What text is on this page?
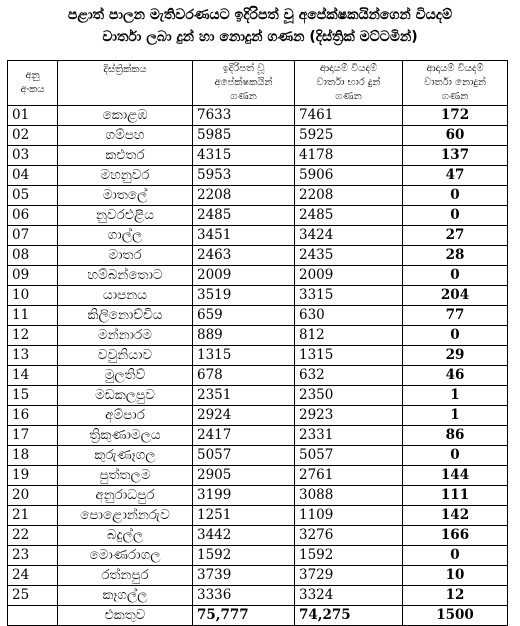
පළාත් පාලන මැතිවරණයට ඉදිරිපත් වූ අපේක්ෂකයින්ගෙන් වියදම්
වාර්තා ලබා දුන් හා නොදුන් ගණන (දිස්ත්‍රික් මට්ටමින්)
අනු
අංකය	දිස්ත්‍රික්කය	ඉදිරිපත් වූ
අපේක්ෂකයින්
ගණන	ආදායම් වියදම්
වාර්තා භාර දුන්
ගණන	ආදායම් වියදම්
වාර්තා නොදුන්
ගණන

01	කොළඹ	7633	7461	172
02	ගම්පහ	5985	5925	60
03	කළුතර	4315	4178	137
04	මහනුවර	5953	5906	47
05	මාතලේ	2208	2208	0
06	නුවරඑළිය	2485	2485	0
07	ගාල්ල	3451	3424	27
08	මාතර	2463	2435	28
09	හම්බන්තොට	2009	2009	0
10	යාපනය	3519	3315	204
11	කිලිනොච්චිය	659	630	77
12	මන්නාරම	889	812	0
13	වවුනියාව	1315	1315	29
14	මුලතිව්	678	632	46
15	මඩකලපුව	2351	2350	1
16	අම්පාර	2924	2923	1
17	ත්‍රිකුණාමලය	2417	2331	86
18	කුරුණෑගල	5057	5057	0
19	පුත්තලම	2905	2761	144
20	අනුරාධපුර	3199	3088	111
21	පොළොන්නරුව	1251	1109	142
22	බදුල්ල	3442	3276	166
23	මොණරාගල	1592	1592	0
24	රත්නපුර	3739	3729	10
25	කෑගල්ල	3336	3324	12
	එකතුව	75,777	74,275	1500
